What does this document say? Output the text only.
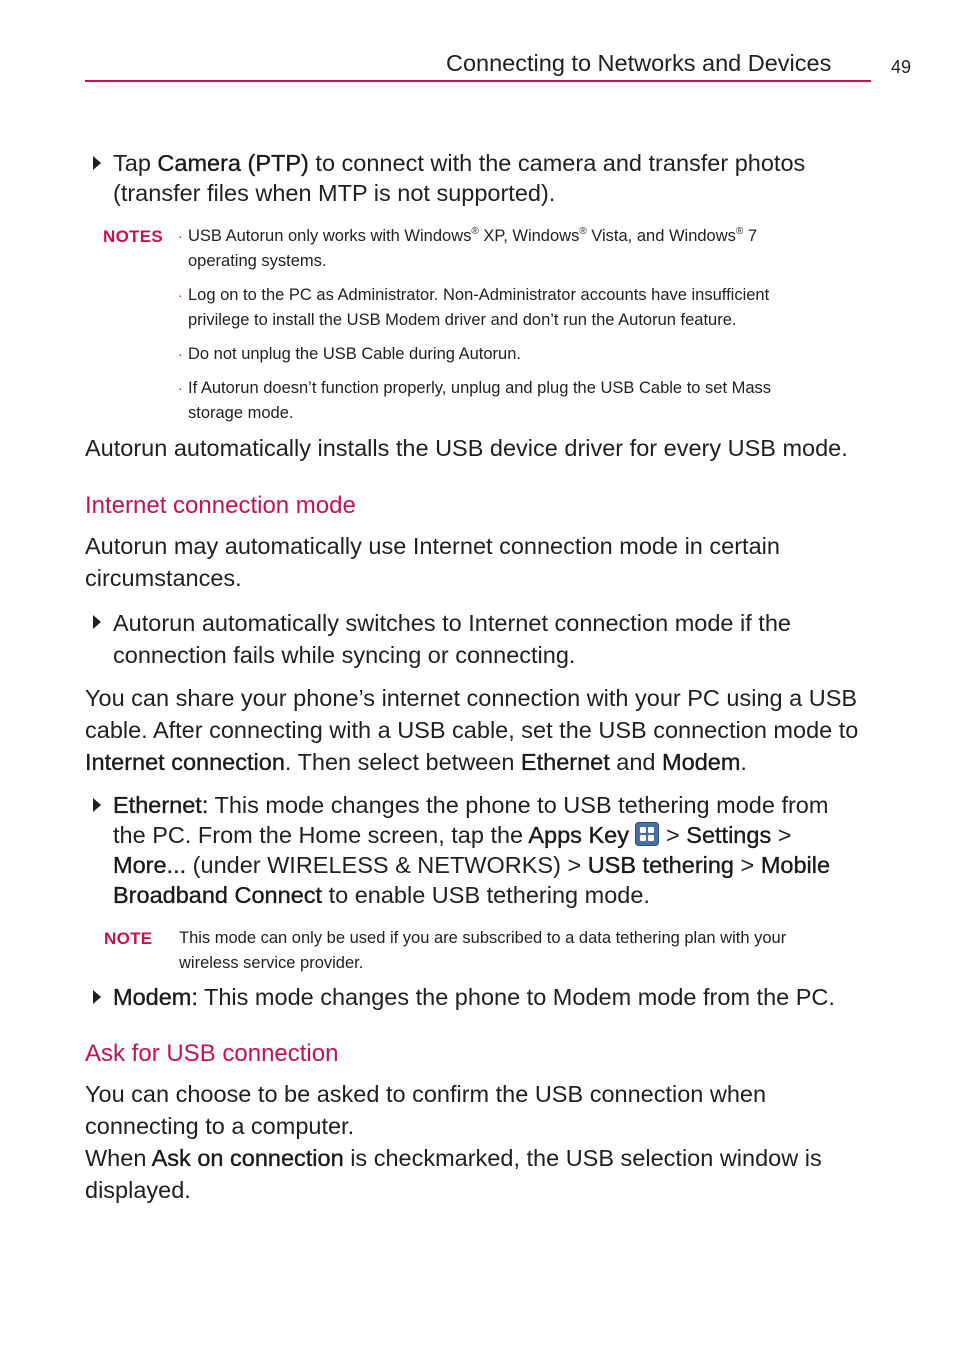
Connecting to Networks and Devices	49
Tap Camera (PTP) to connect with the camera and transfer photos
(transfer files when MTP is not supported).
NOTES · USB Autorun only works with Windows® XP, Windows® Vista, and Windows® 7
operating systems.
· Log on to the PC as Administrator. Non-Administrator accounts have insufficient
privilege to install the USB Modem driver and don’t run the Autorun feature.
· Do not unplug the USB Cable during Autorun.
· If Autorun doesn’t function properly, unplug and plug the USB Cable to set Mass
storage mode.
Autorun automatically installs the USB device driver for every USB mode.
Internet connection mode
Autorun may automatically use Internet connection mode in certain
circumstances.
Autorun automatically switches to Internet connection mode if the
connection fails while syncing or connecting.
You can share your phone’s internet connection with your PC using a USB
cable. After connecting with a USB cable, set the USB connection mode to
Internet connection. Then select between Ethernet and Modem.
Ethernet: This mode changes the phone to USB tethering mode from
the PC. From the Home screen, tap the Apps Key
> Settings >
More... (under WIRELESS & NETWORKS) > USB tethering > Mobile
Broadband Connect to enable USB tethering mode.
NOTE This mode can only be used if you are subscribed to a data tethering plan with your
wireless service provider.
Modem: This mode changes the phone to Modem mode from the PC.
Ask for USB connection
You can choose to be asked to confirm the USB connection when
connecting to a computer.
When Ask on connection is checkmarked, the USB selection window is
displayed.
